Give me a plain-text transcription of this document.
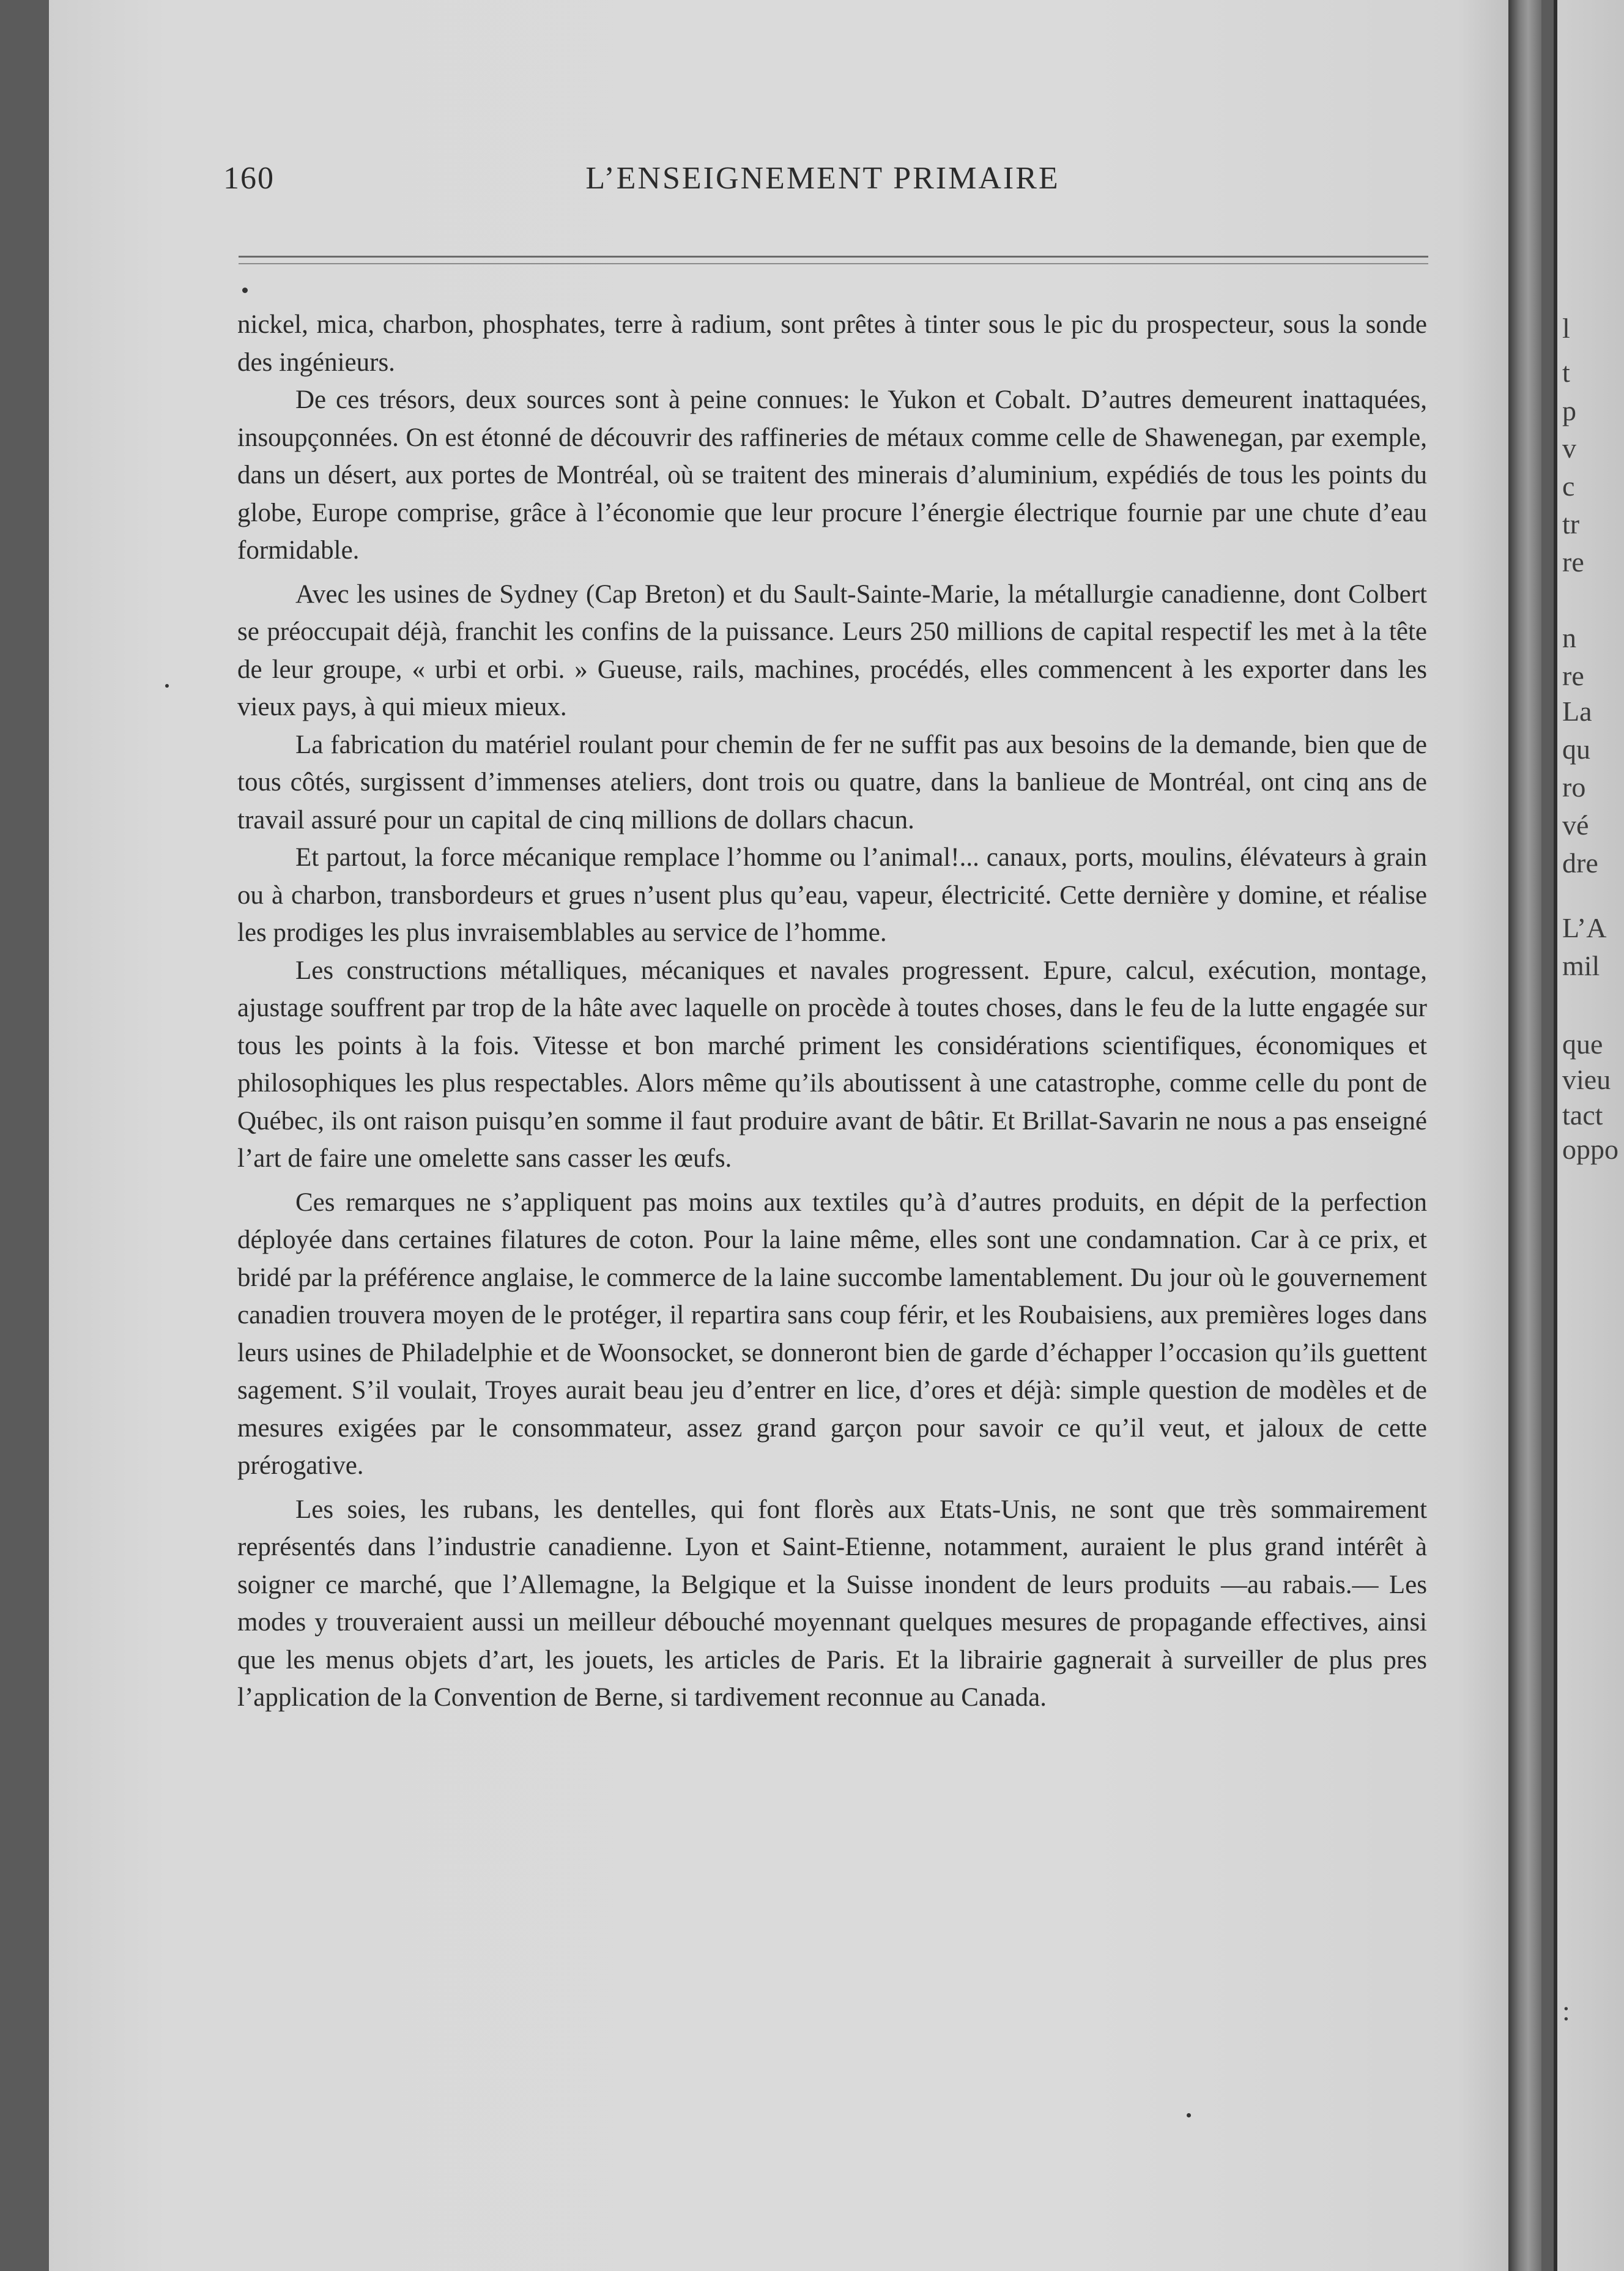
160	L’ENSEIGNEMENT PRIMAIRE

nickel, mica, charbon, phosphates, terre à radium, sont prêtes à tinter sous le pic du prospecteur, sous la sonde des ingénieurs.

De ces trésors, deux sources sont à peine connues: le Yukon et Cobalt. D’autres demeurent inattaquées, insoupçonnées. On est étonné de découvrir des raffineries de métaux comme celle de Shawenegan, par exemple, dans un désert, aux portes de Montréal, où se traitent des minerais d’aluminium, expédiés de tous les points du globe, Europe comprise, grâce à l’économie que leur procure l’énergie électrique fournie par une chute d’eau formidable.

Avec les usines de Sydney (Cap Breton) et du Sault-Sainte-Marie, la métallurgie canadienne, dont Colbert se préoccupait déjà, franchit les confins de la puissance. Leurs 250 millions de capital respectif les met à la tête de leur groupe, « urbi et orbi. » Gueuse, rails, machines, procédés, elles commencent à les exporter dans les vieux pays, à qui mieux mieux.

La fabrication du matériel roulant pour chemin de fer ne suffit pas aux besoins de la demande, bien que de tous côtés, surgissent d’immenses ateliers, dont trois ou quatre, dans la banlieue de Montréal, ont cinq ans de travail assuré pour un capital de cinq millions de dollars chacun.

Et partout, la force mécanique remplace l’homme ou l’animal!... canaux, ports, moulins, élévateurs à grain ou à charbon, transbordeurs et grues n’usent plus qu’eau, vapeur, électricité. Cette dernière y domine, et réalise les prodiges les plus invraisemblables au service de l’homme.

Les constructions métalliques, mécaniques et navales progressent. Epure, calcul, exécution, montage, ajustage souffrent par trop de la hâte avec laquelle on procède à toutes choses, dans le feu de la lutte engagée sur tous les points à la fois. Vitesse et bon marché priment les considérations scientifiques, économiques et philosophiques les plus respectables. Alors même qu’ils aboutissent à une catastrophe, comme celle du pont de Québec, ils ont raison puisqu’en somme il faut produire avant de bâtir. Et Brillat-Savarin ne nous a pas enseigné l’art de faire une omelette sans casser les œufs.

Ces remarques ne s’appliquent pas moins aux textiles qu’à d’autres produits, en dépit de la perfection déployée dans certaines filatures de coton. Pour la laine même, elles sont une condamnation. Car à ce prix, et bridé par la préférence anglaise, le commerce de la laine succombe lamentablement. Du jour où le gouvernement canadien trouvera moyen de le protéger, il repartira sans coup férir, et les Roubaisiens, aux premières loges dans leurs usines de Philadelphie et de Woonsocket, se donneront bien de garde d’échapper l’occasion qu’ils guettent sagement. S’il voulait, Troyes aurait beau jeu d’entrer en lice, d’ores et déjà: simple question de modèles et de mesures exigées par le consommateur, assez grand garçon pour savoir ce qu’il veut, et jaloux de cette prérogative.

Les soies, les rubans, les dentelles, qui font florès aux Etats-Unis, ne sont que très sommairement représentés dans l’industrie canadienne. Lyon et Saint-Etienne, notamment, auraient le plus grand intérêt à soigner ce marché, que l’Allemagne, la Belgique et la Suisse inondent de leurs produits —au rabais.— Les modes y trouveraient aussi un meilleur débouché moyennant quelques mesures de propagande effectives, ainsi que les menus objets d’art, les jouets, les articles de Paris. Et la librairie gagnerait à surveiller de plus pres l’application de la Convention de Berne, si tardivement reconnue au Canada.

l

t

p

v

c

tr

re

n

re

La

qu

ro

vé

dre

L’A

mil

que

vieu

tact

oppo

:
